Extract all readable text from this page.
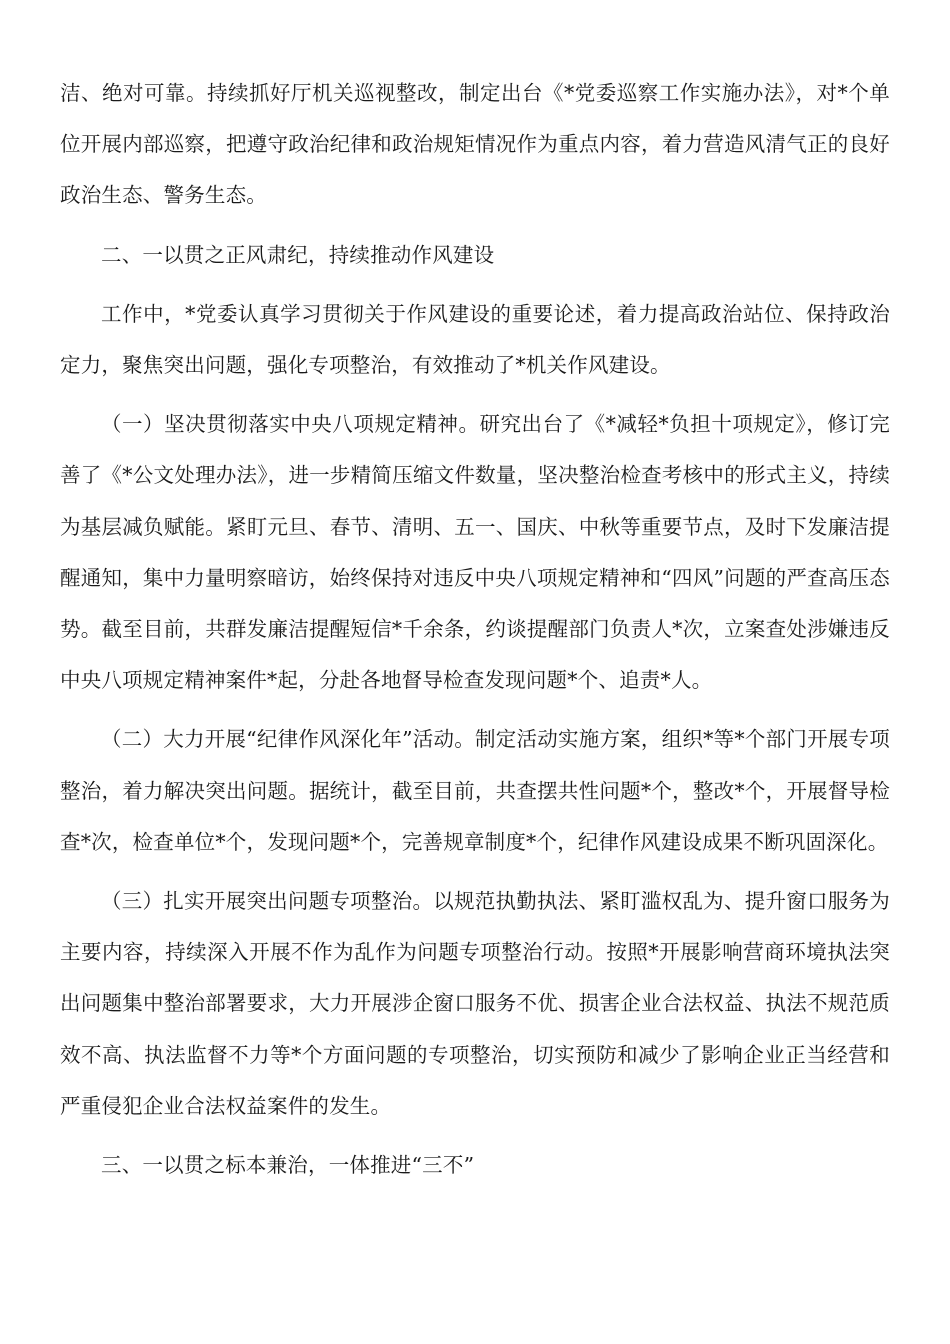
洁、绝对可靠。持续抓好厅机关巡视整改，制定出台《*党委巡察工作实施办法》，对*个单位开展内部巡察，把遵守政治纪律和政治规矩情况作为重点内容，着力营造风清气正的良好政治生态、警务生态。

二、一以贯之正风肃纪，持续推动作风建设

工作中，*党委认真学习贯彻关于作风建设的重要论述，着力提高政治站位、保持政治定力，聚焦突出问题，强化专项整治，有效推动了*机关作风建设。

（一）坚决贯彻落实中央八项规定精神。研究出台了《*减轻*负担十项规定》，修订完善了《*公文处理办法》，进一步精简压缩文件数量，坚决整治检查考核中的形式主义，持续为基层减负赋能。紧盯元旦、春节、清明、五一、国庆、中秋等重要节点，及时下发廉洁提醒通知，集中力量明察暗访，始终保持对违反中央八项规定精神和“四风”问题的严查高压态势。截至目前，共群发廉洁提醒短信*千余条，约谈提醒部门负责人*次，立案查处涉嫌违反中央八项规定精神案件*起，分赴各地督导检查发现问题*个、追责*人。

（二）大力开展“纪律作风深化年”活动。制定活动实施方案，组织*等*个部门开展专项整治，着力解决突出问题。据统计，截至目前，共查摆共性问题*个，整改*个，开展督导检查*次，检查单位*个，发现问题*个，完善规章制度*个，纪律作风建设成果不断巩固深化。

（三）扎实开展突出问题专项整治。以规范执勤执法、紧盯滥权乱为、提升窗口服务为主要内容，持续深入开展不作为乱作为问题专项整治行动。按照*开展影响营商环境执法突出问题集中整治部署要求，大力开展涉企窗口服务不优、损害企业合法权益、执法不规范质效不高、执法监督不力等*个方面问题的专项整治，切实预防和减少了影响企业正当经营和严重侵犯企业合法权益案件的发生。

三、一以贯之标本兼治，一体推进“三不”
